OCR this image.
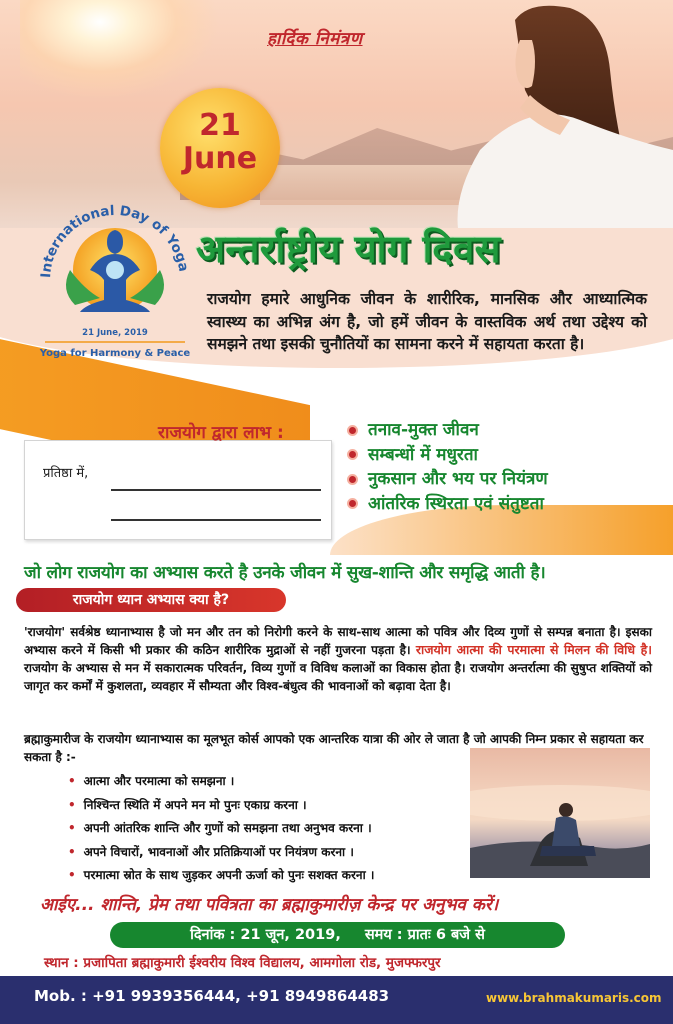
हार्दिक निमंत्रण
21
June
International Day of Yoga
21 June, 2019
Yoga for Harmony & Peace
अन्तर्राष्ट्रीय योग दिवस
राजयोग हमारे आधुनिक जीवन के शारीरिक, मानसिक और आध्यात्मिक स्वास्थ्य का अभिन्न अंग है, जो हमें जीवन के वास्तविक अर्थ तथा उद्देश्य को समझने तथा इसकी चुनौतियों का सामना करने में सहायता करता है।
प्रतिष्ठा में,
राजयोग द्वारा लाभ :	तनाव-मुक्त जीवन
सम्बन्धों में मधुरता
नुकसान और भय पर नियंत्रण
आंतरिक स्थिरता एवं संतुष्टता
जो लोग राजयोग का अभ्यास करते है उनके जीवन में सुख-शान्ति और समृद्धि आती है।
राजयोग ध्यान अभ्यास क्या है?
'राजयोग' सर्वश्रेष्ठ ध्यानाभ्यास है जो मन और तन को निरोगी करने के साथ-साथ आत्मा को पवित्र और दिव्य गुणों से सम्पन्न बनाता है। इसका अभ्यास करने में किसी भी प्रकार की कठिन शारीरिक मुद्राओं से नहीं गुजरना पड़ता है। राजयोग आत्मा की परमात्मा से मिलन की विधि है। राजयोग के अभ्यास से मन में सकारात्मक परिवर्तन, विव्य गुणों व विविध कलाओं का विकास होता है। राजयोग अन्तर्रात्मा की सुषुप्त शक्तियों को जागृत कर कर्मों में कुशलता, व्यवहार में सौम्यता और विश्व-बंधुत्व की भावनाओं को बढ़ावा देता है।
ब्रह्माकुमारीज के राजयोग ध्यानाभ्यास का मूलभूत कोर्स आपको एक आन्तरिक यात्रा की ओर ले जाता है जो आपकी निम्न प्रकार से सहायता कर सकता है :-
• आत्मा और परमात्मा को समझना ।
• निश्चिन्त स्थिति में अपने मन मो पुनः एकाग्र करना ।
• अपनी आंतरिक शान्ति और गुणों को समझना तथा अनुभव करना ।
• अपने विचारों, भावनाओं और प्रतिक्रियाओं पर नियंत्रण करना ।
• परमात्मा स्रोत के साथ जुड़कर अपनी ऊर्जा को पुनः सशक्त करना ।
आईए... शान्ति, प्रेम तथा पवित्रता का ब्रह्माकुमारीज़ केन्द्र पर अनुभव करें।
दिनांक : 21 जून, 2019, समय : प्रातः 6 बजे से
स्थान : प्रजापिता ब्रह्माकुमारी ईश्वरीय विश्व विद्यालय, आमगोला रोड, मुजफ्फरपुर
Mob. : +91 9939356444, +91 8949864483	www.brahmakumaris.com
